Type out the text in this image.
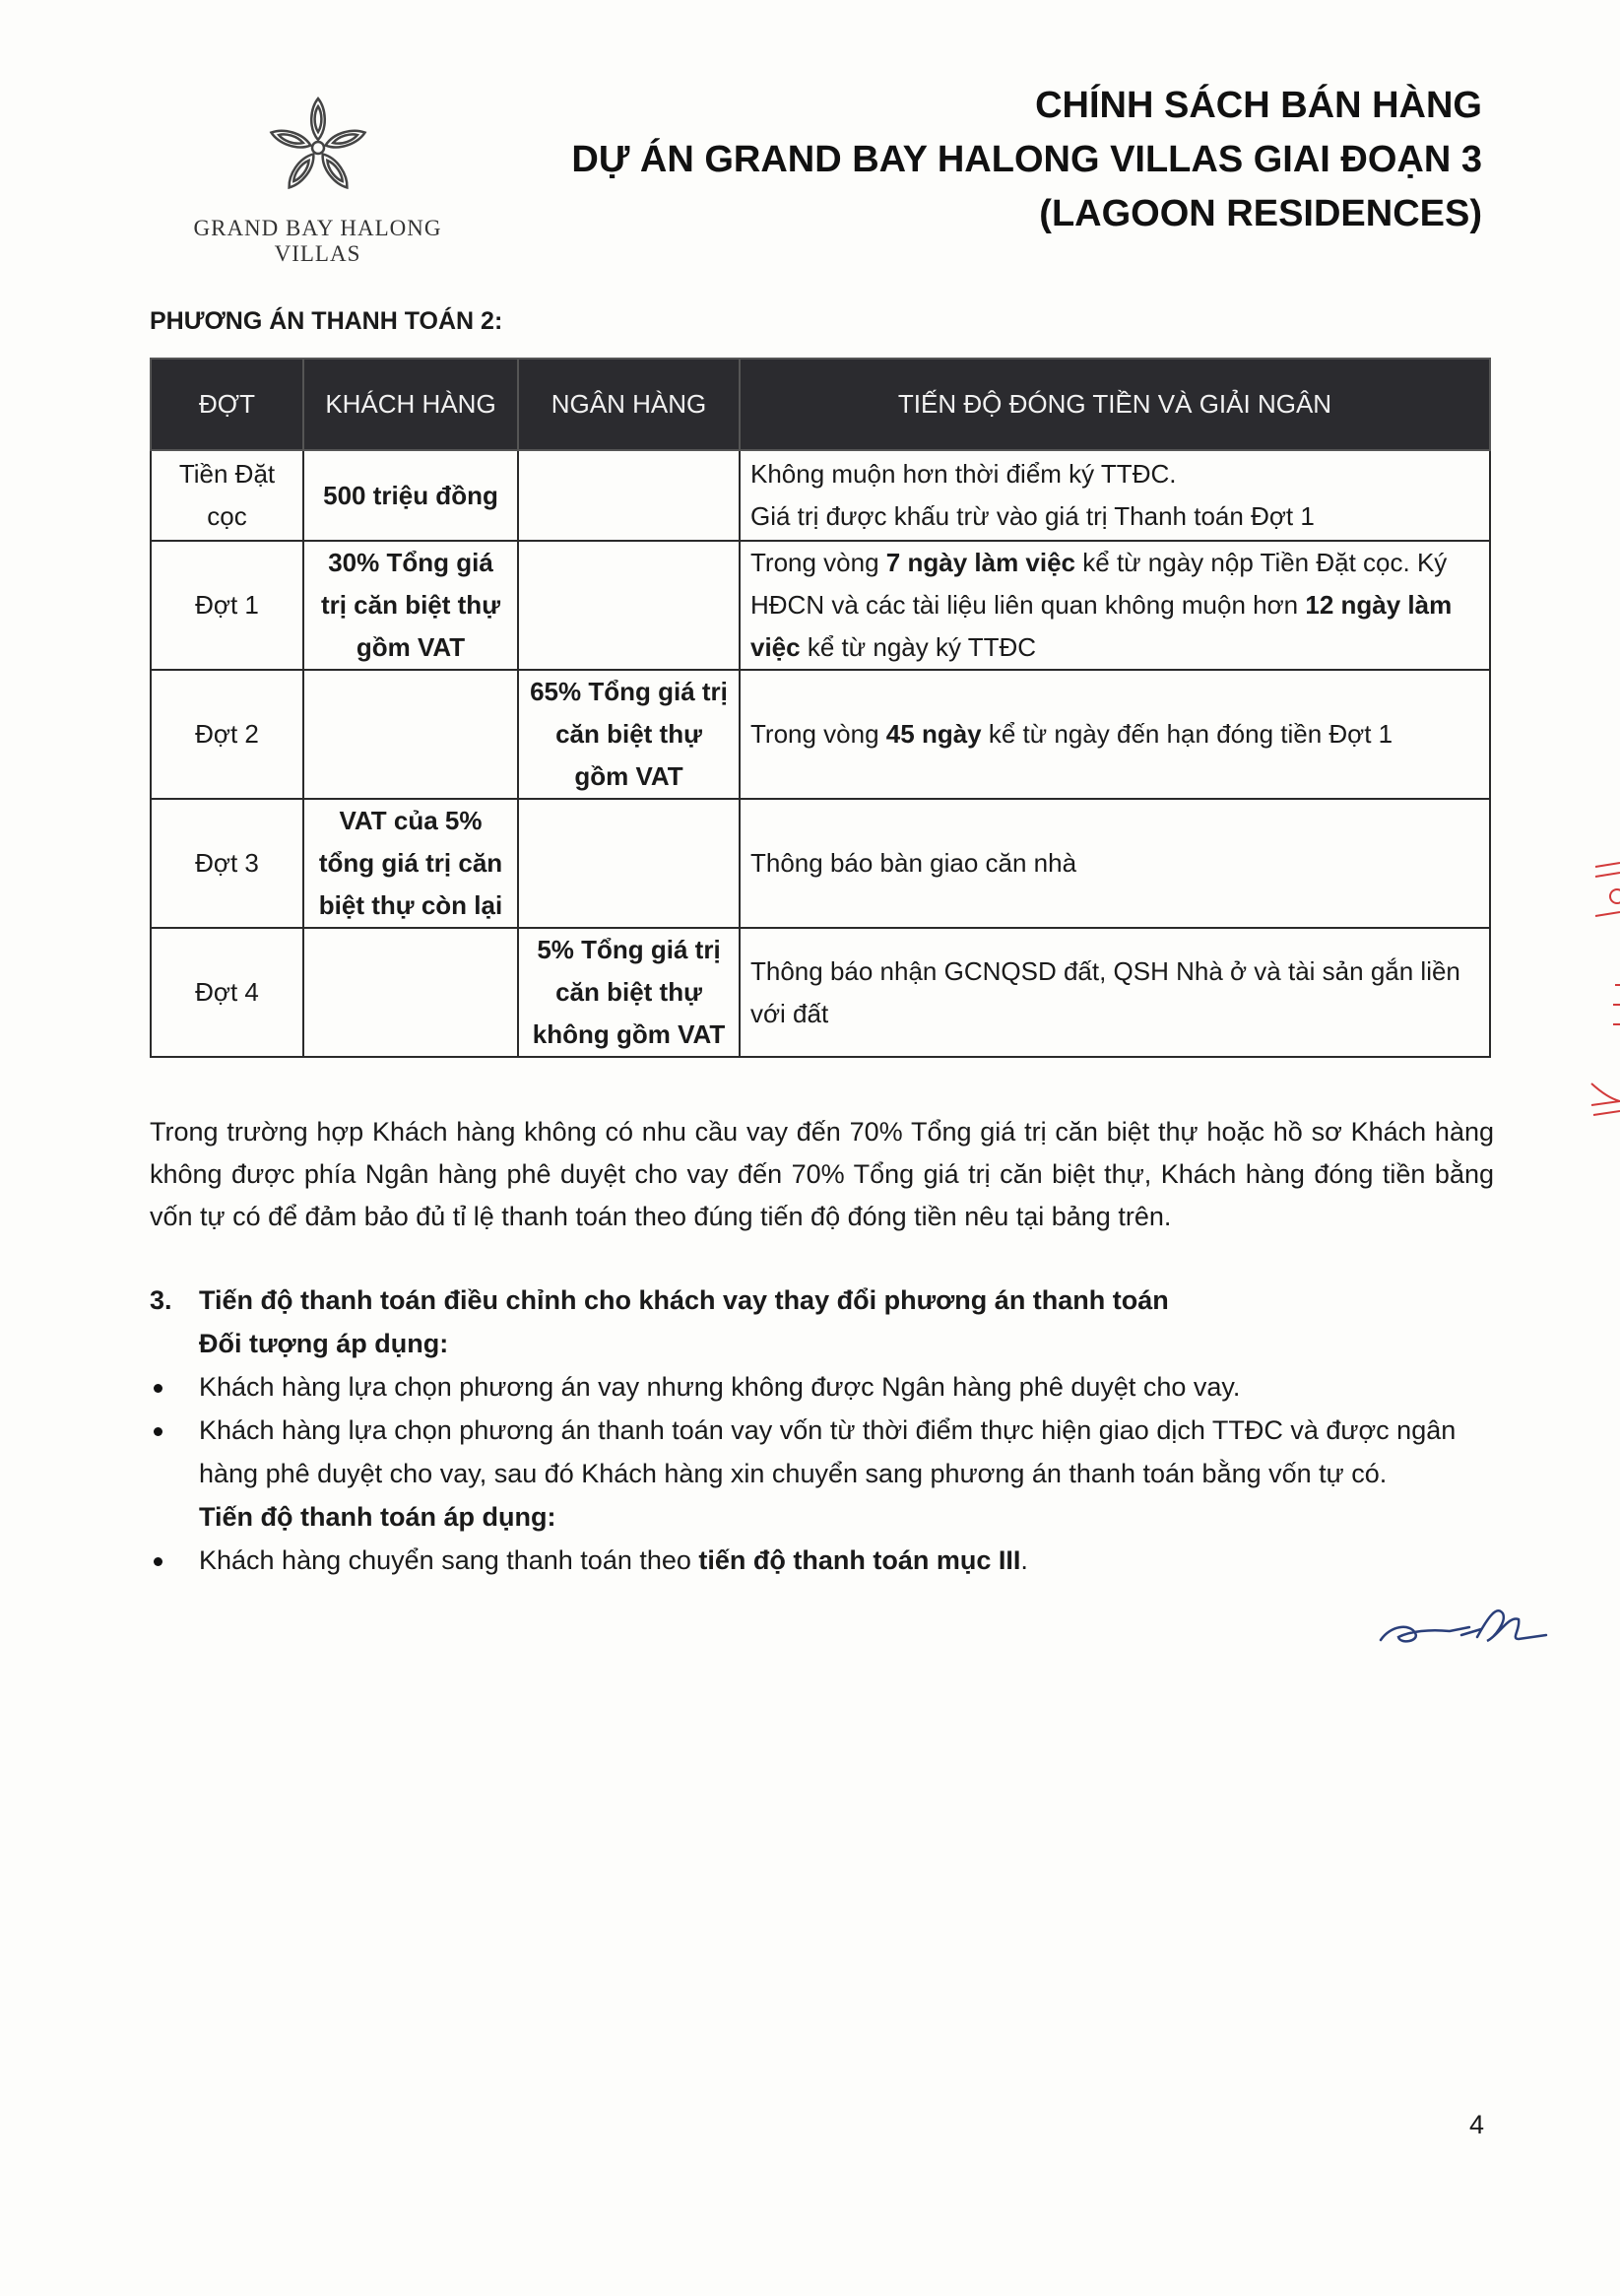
GRAND BAY HALONG VILLAS
CHÍNH SÁCH BÁN HÀNG
DỰ ÁN GRAND BAY HALONG VILLAS GIAI ĐOẠN 3
(LAGOON RESIDENCES)
PHƯƠNG ÁN THANH TOÁN 2:
ĐỢT	KHÁCH HÀNG	NGÂN HÀNG	TIẾN ĐỘ ĐÓNG TIỀN VÀ GIẢI NGÂN
Tiền Đặt cọc	500 triệu đồng		Không muộn hơn thời điểm ký TTĐC.
Giá trị được khấu trừ vào giá trị Thanh toán Đợt 1

Đợt 1	30% Tổng giá trị căn biệt thự gồm VAT		Trong vòng 7 ngày làm việc kể từ ngày nộp Tiền Đặt cọc. Ký HĐCN và các tài liệu liên quan không muộn hơn 12 ngày làm việc kể từ ngày ký TTĐC
Đợt 2		65% Tổng giá trị căn biệt thự gồm VAT	Trong vòng 45 ngày kể từ ngày đến hạn đóng tiền Đợt 1
Đợt 3	VAT của 5% tổng giá trị căn biệt thự còn lại		Thông báo bàn giao căn nhà
Đợt 4		5% Tổng giá trị căn biệt thự không gồm VAT	Thông báo nhận GCNQSD đất, QSH Nhà ở và tài sản gắn liền với đất
Trong trường hợp Khách hàng không có nhu cầu vay đến 70% Tổng giá trị căn biệt thự hoặc hồ sơ Khách hàng không được phía Ngân hàng phê duyệt cho vay đến 70% Tổng giá trị căn biệt thự, Khách hàng đóng tiền bằng vốn tự có để đảm bảo đủ tỉ lệ thanh toán theo đúng tiến độ đóng tiền nêu tại bảng trên.
3. Tiến độ thanh toán điều chỉnh cho khách vay thay đổi phương án thanh toán
Đối tượng áp dụng:
Khách hàng lựa chọn phương án vay nhưng không được Ngân hàng phê duyệt cho vay.
Khách hàng lựa chọn phương án thanh toán vay vốn từ thời điểm thực hiện giao dịch TTĐC và được ngân hàng phê duyệt cho vay, sau đó Khách hàng xin chuyển sang phương án thanh toán bằng vốn tự có.
Tiến độ thanh toán áp dụng:
Khách hàng chuyển sang thanh toán theo tiến độ thanh toán mục III.
4
